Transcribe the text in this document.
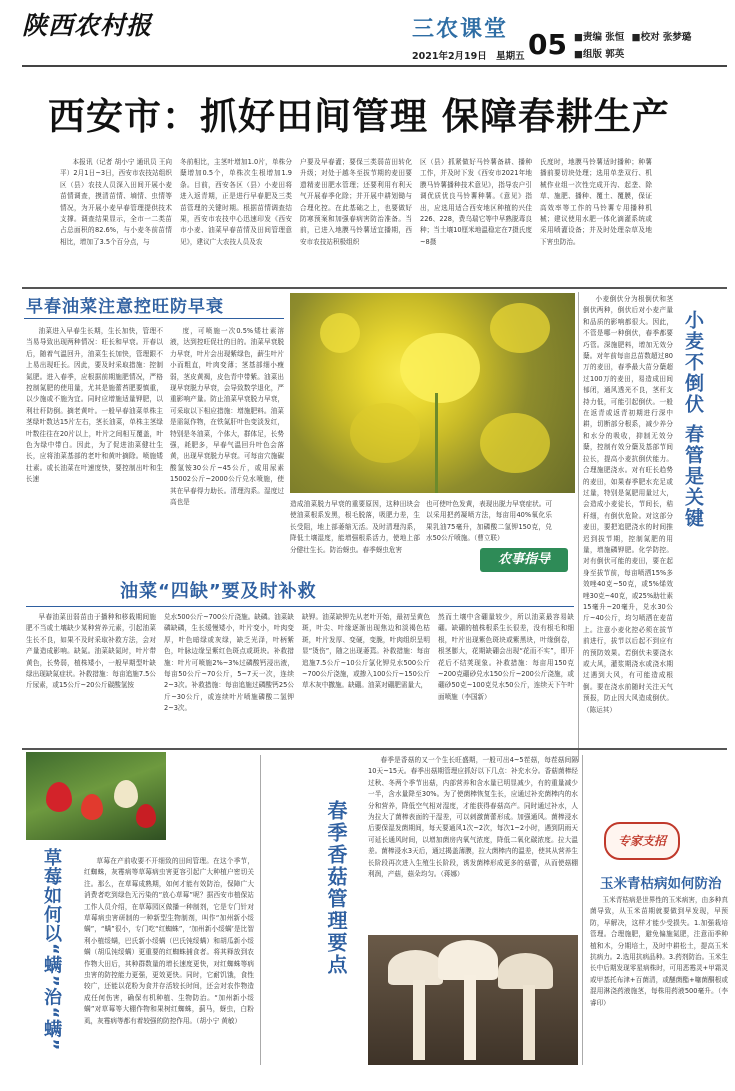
陕西农村报	三农课堂
2021年2月19日 星期五 05 ■责编 张恒 ■校对 张梦璐
■组版 郭英
西安市：抓好田间管理 保障春耕生产
本报讯（记者 胡小宁 通讯员 王向平）2月1日~3日，西安市农技站组织区（县）农技人员深入田间开展小麦苗情调查，摸清苗情、墒情、虫情等情况，为开展小麦早春管理提供技术支撑。调查结果显示，全市一二类苗占总面积的82.6%，与小麦冬前苗情相比，增加了3.5个百分点，与
冬前相比，主茎叶增加1.0片，单株分蘖增加0.5个，单株次生根增加1.9条。目前，西安各区（县）小麦田将进入返青期，正是进行早春肥及三类苗管理的关键时期。根据苗情调查结果，西安市农技中心迅速印发《西安市小麦、油菜早春苗情及田间管理意见》，建议广大农技人员及农
户要及早春灌；要保三类弱苗田转化升级；对处于越冬至拔节期的麦田要遗精麦田肥水管理；还要利用有利天气开展春季化除；并开展中耕划锄与合理化控。在此基础之上，也要做好防寒预案和加强春病害防治准备。当前，已进入地膜马铃薯适宜播期，西安市农技站积极组织
区（县）抓紧做好马铃薯备耕、播种工作，并及时下发《西安市2021年地膜马铃薯播种技术意见》，指导农户引调优质优良马铃薯种薯。《意见》指出，应选用适合西安地区种植的兴佳226、228，费乌瑞它等中早熟脱毒良种；当土壤10厘米地温稳定在7摄氏度~8摄
氏度时，地膜马铃薯适时播种；种薯播前要切块处理；选用单垄双行、机械作业组一次性完成开沟、起垄、除草、施肥、播种、覆土、覆膜，保证高效率等工作的马铃薯专用播种机械；建议使用水肥一体化滴灌系统或采用喷灌设备；并及时处理杂草及地下害虫防治。
早春油菜注意控旺防早衰
油菜进入早春生长期，生长加快，管理不当易导致出现两种情况：旺长和早衰。开春以后，随着气温回升，油菜生长加快，管理跟不上易出现旺长。因此，要及时采取措施：控制氮肥。进入春季，应根据前期施肥情况，严格控制氮肥的使用量，尤其是施蕾苔肥要慎重，以少施或不施为宜。同时应增施适量钾肥，以利壮秆防倒。摘老黄叶。一般早春油菜单株主茎绿叶数达15片左右，茎长油菜，单株主茎绿叶数往往在20片以上，叶片之间相互覆盖，叶色为绿中带白。因此，为了促进油菜健壮生长，应将油菜基部的老叶和黄叶摘除。喷施矮壮素。或长油菜在叶速度快，要控制出叶和生长速
度，可喷施一次0.5%矮壮素溶液，达到控旺促壮的目的。油菜早衰脱力早衰，叶片会出现紫绿色，薪生叶片小而粗直，叶肉变薄；茎基部细小瘦弱，茎皮黄褐，皮色青中带紫。油菜出现早衰脱力早衰，会导致数学退化，严重影响产量。防止油菜早衰脱力早衰，可采取以下相应措施：增施肥料。油菜是需氮作物，在铁氮肝叶色变淡发红，特别是冬油菜，个体大，群体足，长势强，耗肥多，早春气温回升叶色会落黄，出现早衰脱力早衰。可每亩穴施碳酸氢铵30公斤~45公斤，或用尿素15002公斤~2000公斤兑水喷施，使其在早春得力助长。清理沟系。湿度过高也是	造成油菜脱力早衰的重要原因，这种田块会使油菜根系发黑，根毛脱落，吸肥力差，生长受阻，地上部萎缩无活。及时清理沟系，降低土壤湿度，能增强根系活力，使地上部分健壮生长。防治蚜虫。春季蚜虫危害
也可使叶色发黄，表现出脱力早衰症状。可以采用把药凝喷方法，每亩用40%氧化乐果乳油75毫升，加磷酸二氢钾150克，兑水50公斤喷施。（曹立联）
农事指导
小麦倒伏分为根倒伏和茎倒伏两种，倒伏后对小麦产量和品质的影响都很大。因此，不管是哪一种倒伏，春季都要巧管。深施肥料，增加无效分蘖。对年前每亩总苗数超过80万的麦田，春季最大苗分蘖超过100万的麦田，易造成田间郁闭，通风透光不良，茎秆支持力低，可能引起倒伏。一般在返青或返青初期进行深中耕，切断部分根系，减少养分和水分的吸收，抑制无效分蘖，控制有效分蘖及基部节间拉长，提高小麦抗倒伏能力。合理施肥浇水。对有旺长趋势的麦田，如果春季肥水充足或过量，特别是氮肥用量过大，会造成小麦徒长，节间长，秸秆细，有倒伏危险。对这部分麦田，要把追肥浇水的时间推迟到拔节期，控制氮肥的用量，增施磷钾肥。化学防控。对有倒伏可能的麦田，要在起身至拔节前，每亩喷洒15%多效唑40克~50克，或5%烯效唑30克~40克，或25%助壮素15毫升~20毫升，兑水30公斤~40公斤，均匀喷洒在麦苗上。注意小麦化控必须在拔节前进行，拔节以后起不到应有的预防效果。若倒伏未要浇水或大风，灌浆期浇水或浇水期过遇到大风，有可能造成根倒。要在浇水前随时关注天气预报，防止因大风造成倒伏。（陈运其）
小麦不倒伏 春管是关键
油菜“四缺”要及时补救
早春油菜田弱苗由于播种和移栽期间施肥不当或土壤缺少某种营养元素，引起油菜生长不良，如果不及时采取补救方法，会对产量造成影响。缺氮。油菜缺氮时，叶片带黄色，长势弱，植株矮小，一般早期型叶缺绿出现缺氮症状。补救措施：每亩追施7.5公斤尿素，或15公斤~20公斤碳酸氢铵
兑水500公斤~700公斤浇施。缺磷。油菜缺磷缺磷，生长缓慢矮小，叶片变小，叶肉变厚，叶色暗绿或灰绿，缺乏光泽，叶柄紫色，叶脉边缘呈紫红色斑点或斑块。补救措施：叶片可喷施2%~3%过磷酸钙浸出液，每亩50公斤~70公斤，5~7天一次，连续2~3次。补救措施：每亩追施过磷酸钙25公斤~30公斤，或连续叶片喷施磷酸二氢钾2~3次。
缺钾。油菜缺钾先从老叶开始，最初呈黄色斑，叶尖、叶缘逐渐出现焦边和淡褐色枯斑，叶片发厚、变硬，变脆，叶肉组织呈明显“烫伤”，随之出现萎蔫。补救措施：每亩追施7.5公斤~10公斤氯化钾兑水500公斤~700公斤浇施，或掺入100公斤~150公斤草木灰中撒施。缺硼。油菜对硼肥需量大，
然而土壤中含硼量较少，所以油菜最容易缺硼。缺硼的植株根系生长很差，没有根毛和细根，叶片出现紫色斑块或紫黑块，叶缘倒卷，根茎膨大，花期缺硼会出现“花而不实”，即开花后不结荚现象。补救措施：每亩用150克~200克硼砂兑水150公斤~200公斤浇施，或硼砂50克~100克兑水50公斤，连续天下午叶面喷施（李国新）
草莓如何以“螨”治“螨”	草莓在产前收要不开细致的田间管理。在这个季节，红蜘蛛，灰霉病等草莓病虫害更容引起广大种植户密切关注。那么，在草莓成熟期，如何才能有效防治，保障广大消费者吃到绿色无污染的“放心草莓”呢？据西安市植保站工作人员介绍，在草莓园区做播一种制剂，它是专门针对草莓病虫害研制的一种新型生物制剂，叫作“加州新小绥螨”，“螨”很小，专门吃“红蜘蛛”，‘加州新小绥螨’是比智利小植绥螨，巴氏新小绥螨（巴氏钝绥螨）和胡瓜新小绥螨（胡瓜钝绥螨）更重要的红蜘蛛捕食者。将其释放到农作物大田后，其种群数量的增长速度更快，对红蜘蛛等病虫害的防控能力更强，更效更快。同时，它耐饥饿，食性较广，还能以花粉为食并存活较长时间，还会对农作物造成任何伤害，确保有机种植、生物防治。“加州新小绥螨”对草莓等大棚作物和果树红蜘蛛，蓟马，蚜虫，白粉虱，灰霉病等都有着较强的防控作用。（胡小宁 黄敏）
春季是香菇的又一个生长旺盛期，一般可出4~5茬菇，每茬菇间隔10天~15天。春季出菇期管理应抓好以下几点：补充水分。香菇菌棒经过秋、冬两个季节出菇，内部营养和含水量已明显减少，有的重量减少一半，含水量降至30%。为了使菌棒恢复生长，应通过补充菌棒内的水分和营养，降低空气相对湿度，才能获得春菇高产。同时通过补水，人为拉大了菌棒表面的干湿差，可以刺激菌蕾形成。加强通风。菌棒浸水后要保湿发菌期间，每天要通风1次~2次，每次1~2小时，遇到阴雨天可延长通风时间，以增加菌房内氧气浓度，降低二氧化碳浓度。拉大温差。菌棒浸水3天后，通过揭盖薄膜，拉大菌棒内的温差，使其从营养生长阶段再次进入生殖生长阶段，诱发菌棒形成更多的菇蕾，从而使菇棚利润，产菇，菇朵均匀。（蒋娜）
春季香菇管理要点	专家支招
玉米青枯病如何防治
玉米青枯病是世界性的玉米病害，由多种真菌导致，从玉米苗期就要做到早发现，早预防，早解决，这样才能少受损失。1.加强栽培管理。合理施肥，避免偏施氮肥，注意而季种植和木，分期培土，及时中耕松土，提高玉米抗病力。2.选用抗病品种。3.药剂防治。玉米生长中后期发现零星病株时，可用恶霉灵+甲霜灵或甲基托布津+百菌清，或醚菌酯+噻菌酮根或混用淋浇药液施茎，每株用药液500毫升。（李睿印）
